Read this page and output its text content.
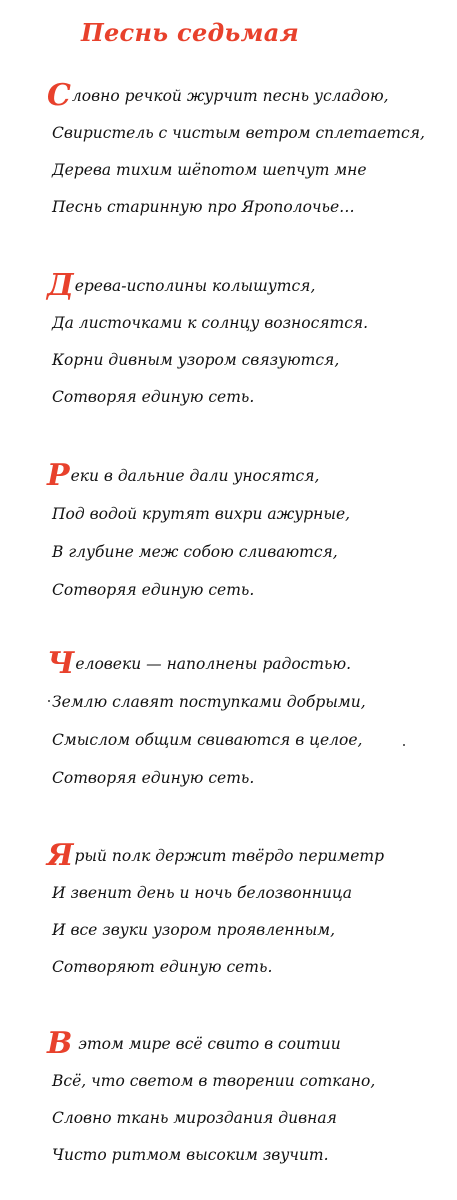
Песнь седьмая
Словно речкой журчит песнь усладою,
Свиристель с чистым ветром сплетается,
Дерева тихим шёпотом шепчут мне
Песнь старинную про Ярополочье…
Дерева-исполины колышутся,
Да листочками к солнцу возносятся.
Корни дивным узором связуются,
Сотворяя единую сеть.
Реки в дальние дали уносятся,
Под водой крутят вихри ажурные,
В глубине меж собою сливаются,
Сотворяя единую сеть.
Человеки — наполнены радостью.
Землю славят поступками добрыми,
Смыслом общим свиваются в целое,
Сотворяя единую сеть.
Ярый полк держит твёрдо периметр
И звенит день и ночь белозвонница
И все звуки узором проявленным,
Сотворяют единую сеть.
В этом мире всё свито в соитии
Всё, что светом в творении соткано,
Словно ткань мироздания дивная
Чисто ритмом высоким звучит.
